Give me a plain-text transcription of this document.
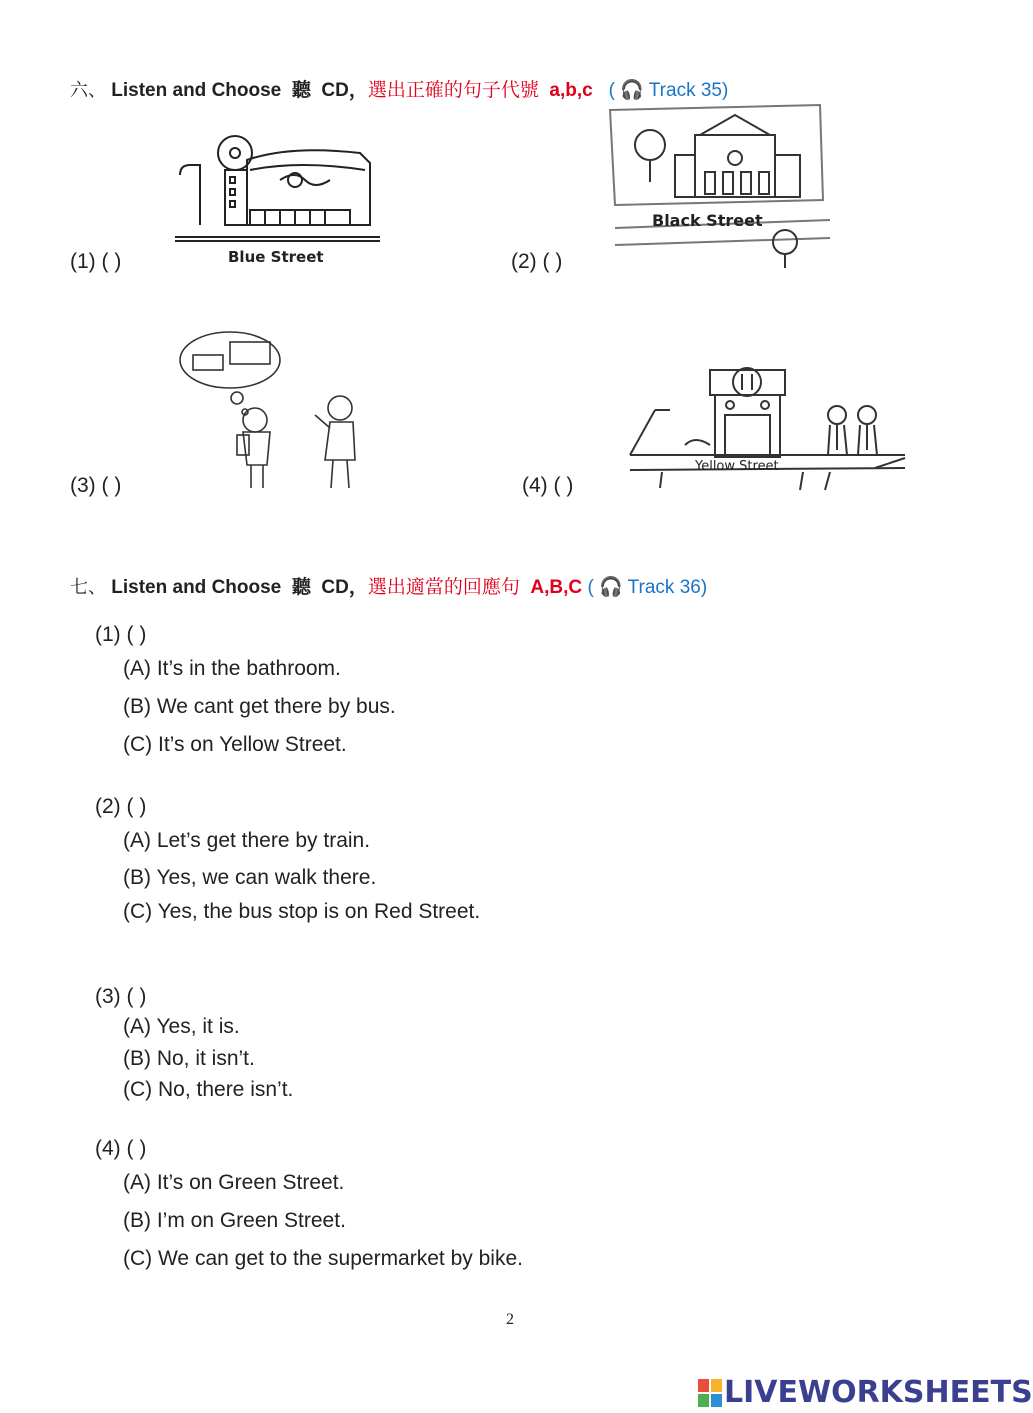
六、 Listen and Choose 聽 CD，選出正確的句子代號 a,b,c ( 🎧 Track 35)
Blue Street
Black Street
(1) ( )	(2) ( )
Yellow Street
(3) ( )	(4) ( )
七、 Listen and Choose 聽 CD，選出適當的回應句 A,B,C ( 🎧 Track 36)
(1) ( )
(A) It’s in the bathroom.
(B) We cant get there by bus.
(C) It’s on Yellow Street.
(2) ( )
(A) Let’s get there by train.
(B) Yes, we can walk there.
(C) Yes, the bus stop is on Red Street.
(3) ( )
(A) Yes, it is.
(B) No, it isn’t.
(C) No, there isn’t.
(4) ( )
(A) It’s on Green Street.
(B) I’m on Green Street.
(C) We can get to the supermarket by bike.
2
LIVEWORKSHEETS
